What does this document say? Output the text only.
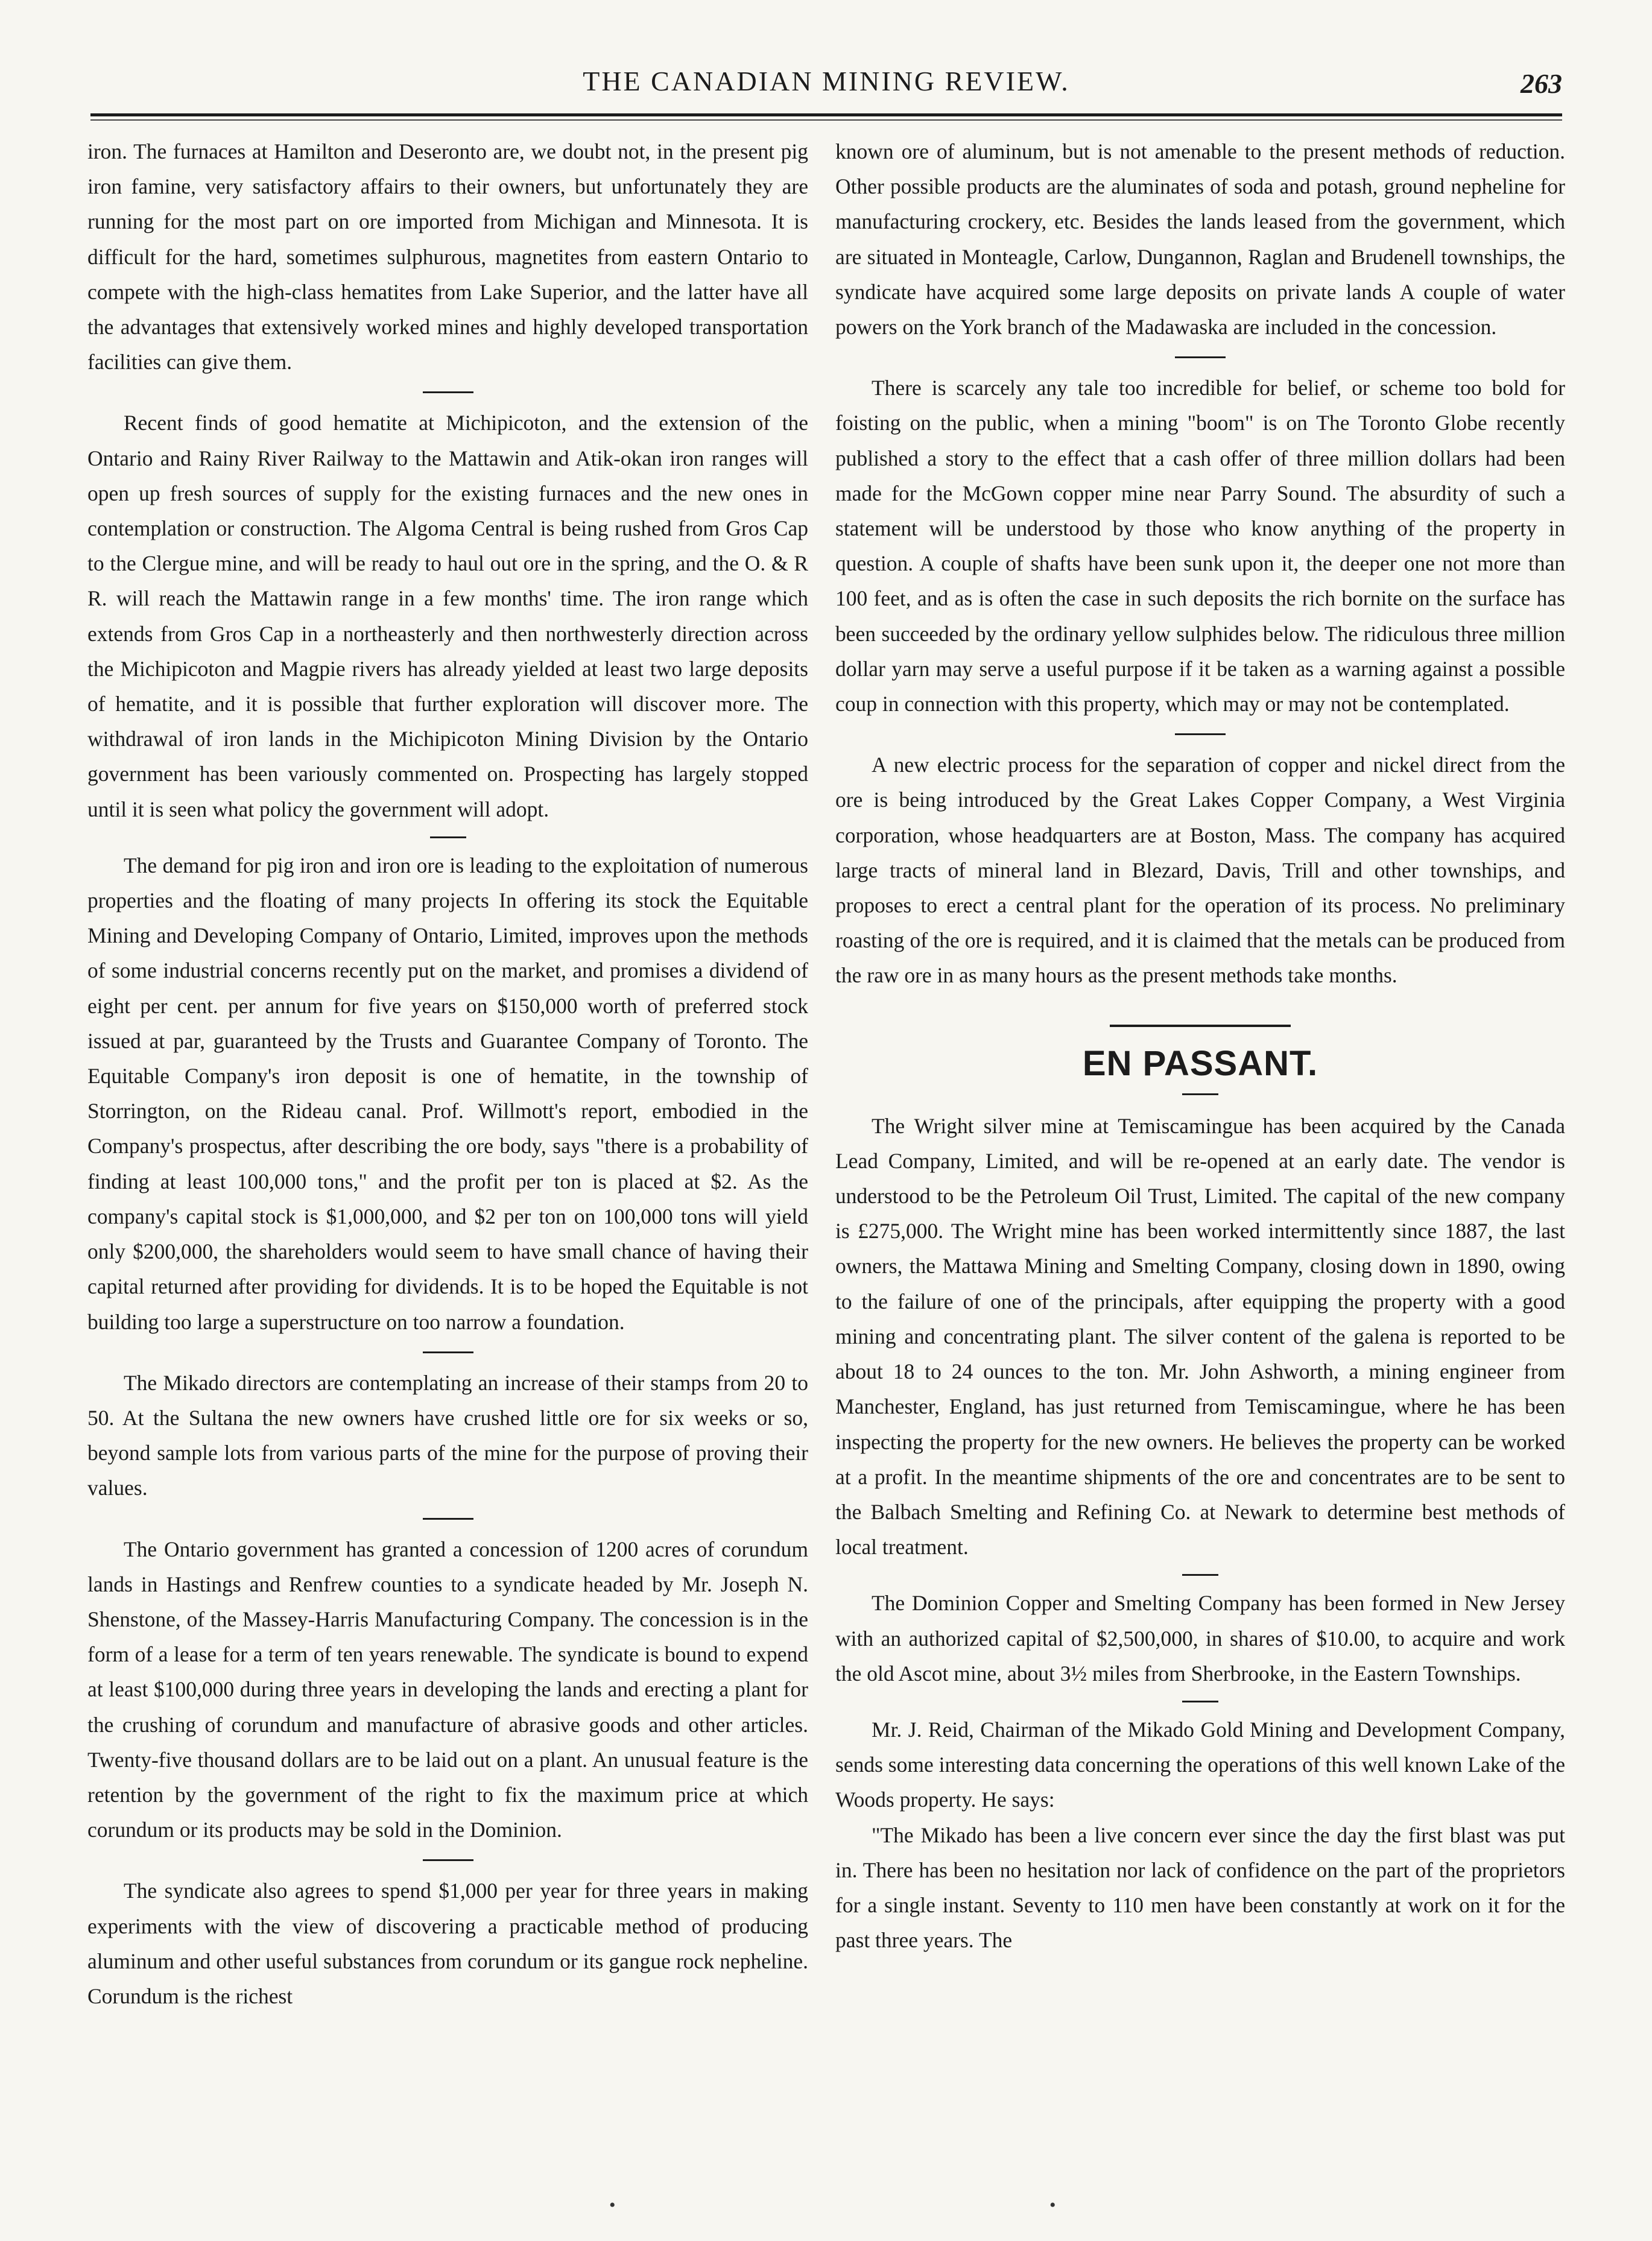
THE CANADIAN MINING REVIEW.	263

iron. The furnaces at Hamilton and Deseronto are, we doubt not, in the present pig iron famine, very satisfactory affairs to their owners, but unfortunately they are running for the most part on ore imported from Michigan and Minnesota. It is difficult for the hard, sometimes sulphurous, magnetites from eastern Ontario to compete with the high-class hematites from Lake Superior, and the latter have all the advantages that extensively worked mines and highly developed transportation facilities can give them.

Recent finds of good hematite at Michipicoton, and the extension of the Ontario and Rainy River Railway to the Mattawin and Atik-okan iron ranges will open up fresh sources of supply for the existing furnaces and the new ones in contemplation or construction. The Algoma Central is being rushed from Gros Cap to the Clergue mine, and will be ready to haul out ore in the spring, and the O. & R R. will reach the Mattawin range in a few months' time. The iron range which extends from Gros Cap in a northeasterly and then northwesterly direction across the Michipicoton and Magpie rivers has already yielded at least two large deposits of hematite, and it is possible that further exploration will discover more. The withdrawal of iron lands in the Michipicoton Mining Division by the Ontario government has been variously commented on. Prospecting has largely stopped until it is seen what policy the government will adopt.

The demand for pig iron and iron ore is leading to the exploitation of numerous properties and the floating of many projects In offering its stock the Equitable Mining and Developing Company of Ontario, Limited, improves upon the methods of some industrial concerns recently put on the market, and promises a dividend of eight per cent. per annum for five years on $150,000 worth of preferred stock issued at par, guaranteed by the Trusts and Guarantee Company of Toronto. The Equitable Company's iron deposit is one of hematite, in the township of Storrington, on the Rideau canal. Prof. Willmott's report, embodied in the Company's prospectus, after describing the ore body, says "there is a probability of finding at least 100,000 tons," and the profit per ton is placed at $2. As the company's capital stock is $1,000,000, and $2 per ton on 100,000 tons will yield only $200,000, the shareholders would seem to have small chance of having their capital returned after providing for dividends. It is to be hoped the Equitable is not building too large a superstructure on too narrow a foundation.

The Mikado directors are contemplating an increase of their stamps from 20 to 50. At the Sultana the new owners have crushed little ore for six weeks or so, beyond sample lots from various parts of the mine for the purpose of proving their values.

The Ontario government has granted a concession of 1200 acres of corundum lands in Hastings and Renfrew counties to a syndicate headed by Mr. Joseph N. Shenstone, of the Massey-Harris Manufacturing Company. The concession is in the form of a lease for a term of ten years renewable. The syndicate is bound to expend at least $100,000 during three years in developing the lands and erecting a plant for the crushing of corundum and manufacture of abrasive goods and other articles. Twenty-five thousand dollars are to be laid out on a plant. An unusual feature is the retention by the government of the right to fix the maximum price at which corundum or its products may be sold in the Dominion.

The syndicate also agrees to spend $1,000 per year for three years in making experiments with the view of discovering a practicable method of producing aluminum and other useful substances from corundum or its gangue rock nepheline. Corundum is the richest

known ore of aluminum, but is not amenable to the present methods of reduction. Other possible products are the aluminates of soda and potash, ground nepheline for manufacturing crockery, etc. Besides the lands leased from the government, which are situated in Monteagle, Carlow, Dungannon, Raglan and Brudenell townships, the syndicate have acquired some large deposits on private lands A couple of water powers on the York branch of the Madawaska are included in the concession.

There is scarcely any tale too incredible for belief, or scheme too bold for foisting on the public, when a mining "boom" is on The Toronto Globe recently published a story to the effect that a cash offer of three million dollars had been made for the McGown copper mine near Parry Sound. The absurdity of such a statement will be understood by those who know anything of the property in question. A couple of shafts have been sunk upon it, the deeper one not more than 100 feet, and as is often the case in such deposits the rich bornite on the surface has been succeeded by the ordinary yellow sulphides below. The ridiculous three million dollar yarn may serve a useful purpose if it be taken as a warning against a possible coup in connection with this property, which may or may not be contemplated.

A new electric process for the separation of copper and nickel direct from the ore is being introduced by the Great Lakes Copper Company, a West Virginia corporation, whose headquarters are at Boston, Mass. The company has acquired large tracts of mineral land in Blezard, Davis, Trill and other townships, and proposes to erect a central plant for the operation of its process. No preliminary roasting of the ore is required, and it is claimed that the metals can be produced from the raw ore in as many hours as the present methods take months.

EN PASSANT.

The Wright silver mine at Temiscamingue has been acquired by the Canada Lead Company, Limited, and will be re-opened at an early date. The vendor is understood to be the Petroleum Oil Trust, Limited. The capital of the new company is £275,000. The Wright mine has been worked intermittently since 1887, the last owners, the Mattawa Mining and Smelting Company, closing down in 1890, owing to the failure of one of the principals, after equipping the property with a good mining and concentrating plant. The silver content of the galena is reported to be about 18 to 24 ounces to the ton. Mr. John Ashworth, a mining engineer from Manchester, England, has just returned from Temiscamingue, where he has been inspecting the property for the new owners. He believes the property can be worked at a profit. In the meantime shipments of the ore and concentrates are to be sent to the Balbach Smelting and Refining Co. at Newark to determine best methods of local treatment.

The Dominion Copper and Smelting Company has been formed in New Jersey with an authorized capital of $2,500,000, in shares of $10.00, to acquire and work the old Ascot mine, about 3½ miles from Sherbrooke, in the Eastern Townships.

Mr. J. Reid, Chairman of the Mikado Gold Mining and Development Company, sends some interesting data concerning the operations of this well known Lake of the Woods property. He says:

"The Mikado has been a live concern ever since the day the first blast was put in. There has been no hesitation nor lack of confidence on the part of the proprietors for a single instant. Seventy to 110 men have been constantly at work on it for the past three years. The

•	•
